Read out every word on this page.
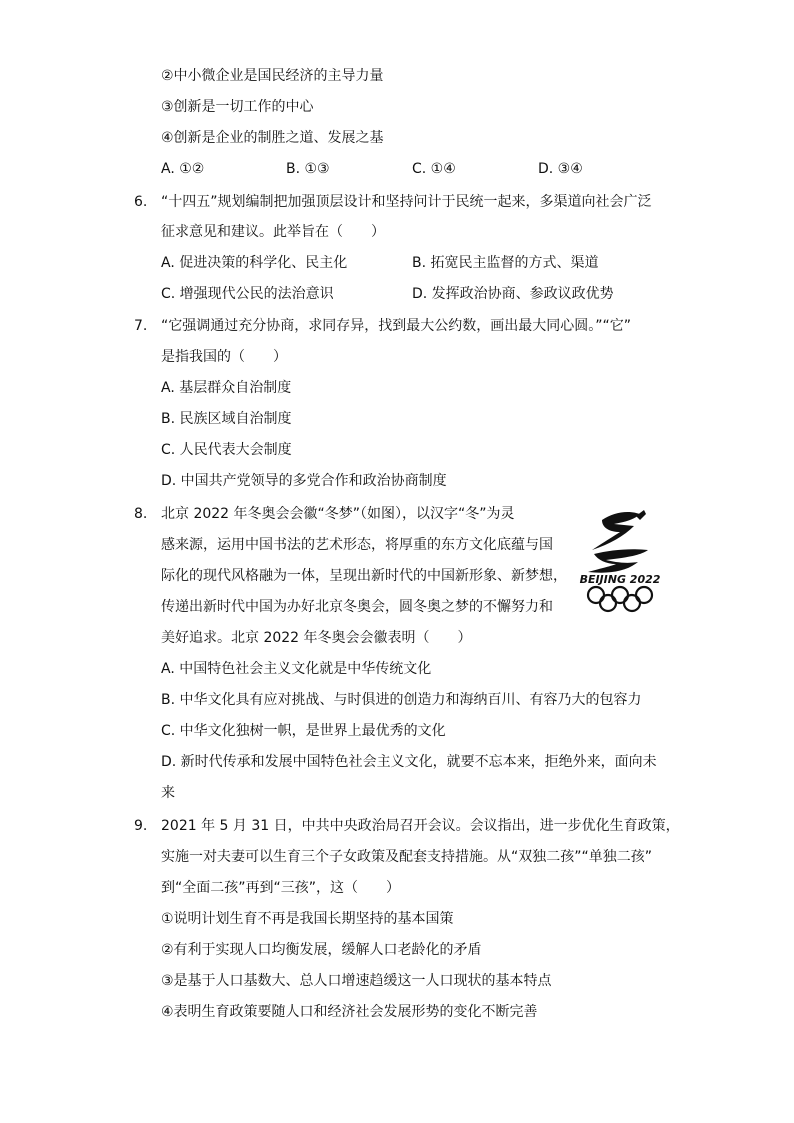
②中小微企业是国民经济的主导力量
③创新是一切工作的中心
④创新是企业的制胜之道、发展之基
A. ①②	B. ①③	C. ①④	D. ③④
6. “十四五”规划编制把加强顶层设计和坚持问计于民统一起来，多渠道向社会广泛
征求意见和建议。此举旨在（　　）
A. 促进决策的科学化、民主化	B. 拓宽民主监督的方式、渠道
C. 增强现代公民的法治意识	D. 发挥政治协商、参政议政优势
7. “它强调通过充分协商，求同存异，找到最大公约数，画出最大同心圆。”“它”
是指我国的（　　）
A. 基层群众自治制度
B. 民族区域自治制度
C. 人民代表大会制度
D. 中国共产党领导的多党合作和政治协商制度
8. 北京 2022 年冬奥会会徽“冬梦”（如图），以汉字“冬”为灵
感来源，运用中国书法的艺术形态，将厚重的东方文化底蕴与国
际化的现代风格融为一体，呈现出新时代的中国新形象、新梦想，
传递出新时代中国为办好北京冬奥会，圆冬奥之梦的不懈努力和
美好追求。北京 2022 年冬奥会会徽表明（　　）
BEIJING 2022
A. 中国特色社会主义文化就是中华传统文化
B. 中华文化具有应对挑战、与时俱进的创造力和海纳百川、有容乃大的包容力
C. 中华文化独树一帜，是世界上最优秀的文化
D. 新时代传承和发展中国特色社会主义文化，就要不忘本来，拒绝外来，面向未
来
9. 2021 年 5 月 31 日，中共中央政治局召开会议。会议指出，进一步优化生育政策，
实施一对夫妻可以生育三个子女政策及配套支持措施。从“双独二孩”“单独二孩”
到“全面二孩”再到“三孩”，这（　　）
①说明计划生育不再是我国长期坚持的基本国策
②有利于实现人口均衡发展，缓解人口老龄化的矛盾
③是基于人口基数大、总人口增速趋缓这一人口现状的基本特点
④表明生育政策要随人口和经济社会发展形势的变化不断完善
